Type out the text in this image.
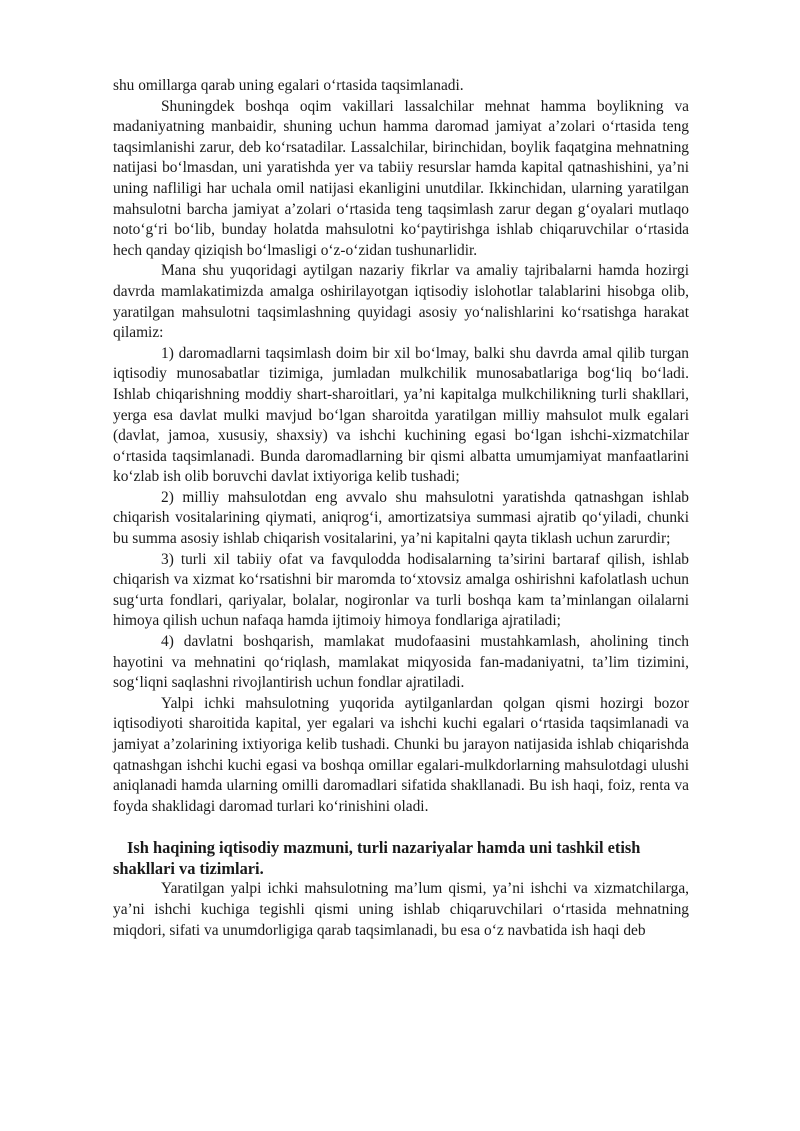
shu omillarga qarab uning egalari o‘rtasida taqsimlanadi.

Shuningdek boshqa oqim vakillari lassalchilar mehnat hamma boylikning va madaniyatning manbaidir, shuning uchun hamma daromad jamiyat a’zolari o‘rtasida teng taqsimlanishi zarur, deb ko‘rsatadilar. Lassalchilar, birinchidan, boylik faqatgina mehnatning natijasi bo‘lmasdan, uni yaratishda yer va tabiiy resurslar hamda kapital qatnashishini, ya’ni uning nafliligi har uchala omil natijasi ekanligini unutdilar. Ikkinchidan, ularning yaratilgan mahsulotni barcha jamiyat a’zolari o‘rtasida teng taqsimlash zarur degan g‘oyalari mutlaqo noto‘g‘ri bo‘lib, bunday holatda mahsulotni ko‘paytirishga ishlab chiqaruvchilar o‘rtasida hech qanday qiziqish bo‘lmasligi o‘z-o‘zidan tushunarlidir.

Mana shu yuqoridagi aytilgan nazariy fikrlar va amaliy tajribalarni hamda hozirgi davrda mamlakatimizda amalga oshirilayotgan iqtisodiy islohotlar talablarini hisobga olib, yaratilgan mahsulotni taqsimlashning quyidagi asosiy yo‘nalishlarini ko‘rsatishga harakat qilamiz:

1) daromadlarni taqsimlash doim bir xil bo‘lmay, balki shu davrda amal qilib turgan iqtisodiy munosabatlar tizimiga, jumladan mulkchilik munosabatlariga bog‘liq bo‘ladi. Ishlab chiqarishning moddiy shart-sharoitlari, ya’ni kapitalga mulkchilikning turli shakllari, yerga esa davlat mulki mavjud bo‘lgan sharoitda yaratilgan milliy mahsulot mulk egalari (davlat, jamoa, xususiy, shaxsiy) va ishchi kuchining egasi bo‘lgan ishchi-xizmatchilar o‘rtasida taqsimlanadi. Bunda daromadlarning bir qismi albatta umumjamiyat manfaatlarini ko‘zlab ish olib boruvchi davlat ixtiyoriga kelib tushadi;

2) milliy mahsulotdan eng avvalo shu mahsulotni yaratishda qatnashgan ishlab chiqarish vositalarining qiymati, aniqrog‘i, amortizatsiya summasi ajratib qo‘yiladi, chunki bu summa asosiy ishlab chiqarish vositalarini, ya’ni kapitalni qayta tiklash uchun zarurdir;

3) turli xil tabiiy ofat va favqulodda hodisalarning ta’sirini bartaraf qilish, ishlab chiqarish va xizmat ko‘rsatishni bir maromda to‘xtovsiz amalga oshirishni kafolatlash uchun sug‘urta fondlari, qariyalar, bolalar, nogironlar va turli boshqa kam ta’minlangan oilalarni himoya qilish uchun nafaqa hamda ijtimoiy himoya fondlariga ajratiladi;

4) davlatni boshqarish, mamlakat mudofaasini mustahkamlash, aholining tinch hayotini va mehnatini qo‘riqlash, mamlakat miqyosida fan-madaniyatni, ta’lim tizimini, sog‘liqni saqlashni rivojlantirish uchun fondlar ajratiladi.

Yalpi ichki mahsulotning yuqorida aytilganlardan qolgan qismi hozirgi bozor iqtisodiyoti sharoitida kapital, yer egalari va ishchi kuchi egalari o‘rtasida taqsimlanadi va jamiyat a’zolarining ixtiyoriga kelib tushadi. Chunki bu jarayon natijasida ishlab chiqarishda qatnashgan ishchi kuchi egasi va boshqa omillar egalari-mulkdorlarning mahsulotdagi ulushi aniqlanadi hamda ularning omilli daromadlari sifatida shakllanadi. Bu ish haqi, foiz, renta va foyda shaklidagi daromad turlari ko‘rinishini oladi.

Ish haqining iqtisodiy mazmuni, turli nazariyalar hamda uni tashkil etish shakllari va tizimlari.

Yaratilgan yalpi ichki mahsulotning ma’lum qismi, ya’ni ishchi va xizmatchilarga, ya’ni ishchi kuchiga tegishli qismi uning ishlab chiqaruvchilari o‘rtasida mehnatning miqdori, sifati va unumdorligiga qarab taqsimlanadi, bu esa o‘z navbatida ish haqi deb
